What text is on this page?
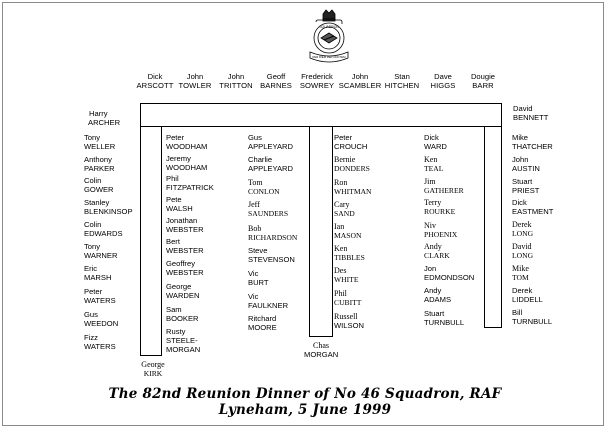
SQUADRON
PER DIEM PER NOCTEM
Dick
ARSCOTT
John
TOWLER
John
TRITTON
Geoff
BARNES
Frederick
SOWREY
John
SCAMBLER
Stan
HITCHEN
Dave
HIGGS
Dougie
BARR
Harry
ARCHER
David
BENNETT
Tony
WELLER
Anthony
PARKER
Colin
GOWER
Stanley
BLENKINSOP
Colin
EDWARDS
Tony
WARNER
Eric
MARSH
Peter
WATERS
Gus
WEEDON
Fizz
WATERS
Peter
WOODHAM
Jeremy
WOODHAM
Phil
FITZPATRICK
Pete
WALSH
Jonathan
WEBSTER
Bert
WEBSTER
Geoffrey
WEBSTER
George
WARDEN
Sam
BOOKER
Rusty
STEELE-
MORGAN
Gus
APPLEYARD
Charlie
APPLEYARD
Tom
CONLON
Jeff
SAUNDERS
Bob
RICHARDSON
Steve
STEVENSON
Vic
BURT
Vic
FAULKNER
Ritchard
MOORE
Peter
CROUCH
Bernie
DONDERS
Ron
WHITMAN
Cary
SAND
Ian
MASON
Ken
TIBBLES
Des
WHITE
Phil
CUBITT
Russell
WILSON
Dick
WARD
Ken
TEAL
Jim
GATHERER
Terry
ROURKE
Niv
PHOENIX
Andy
CLARK
Jon
EDMONDSON
Andy
ADAMS
Stuart
TURNBULL
Mike
THATCHER
John
AUSTIN
Stuart
PRIEST
Dick
EASTMENT
Derek
LONG
David
LONG
Mike
TOM
Derek
LIDDELL
Bill
TURNBULL
George
KIRK
Chas
MORGAN
The 82nd Reunion Dinner of No 46 Squadron, RAF Lyneham, 5 June 1999
